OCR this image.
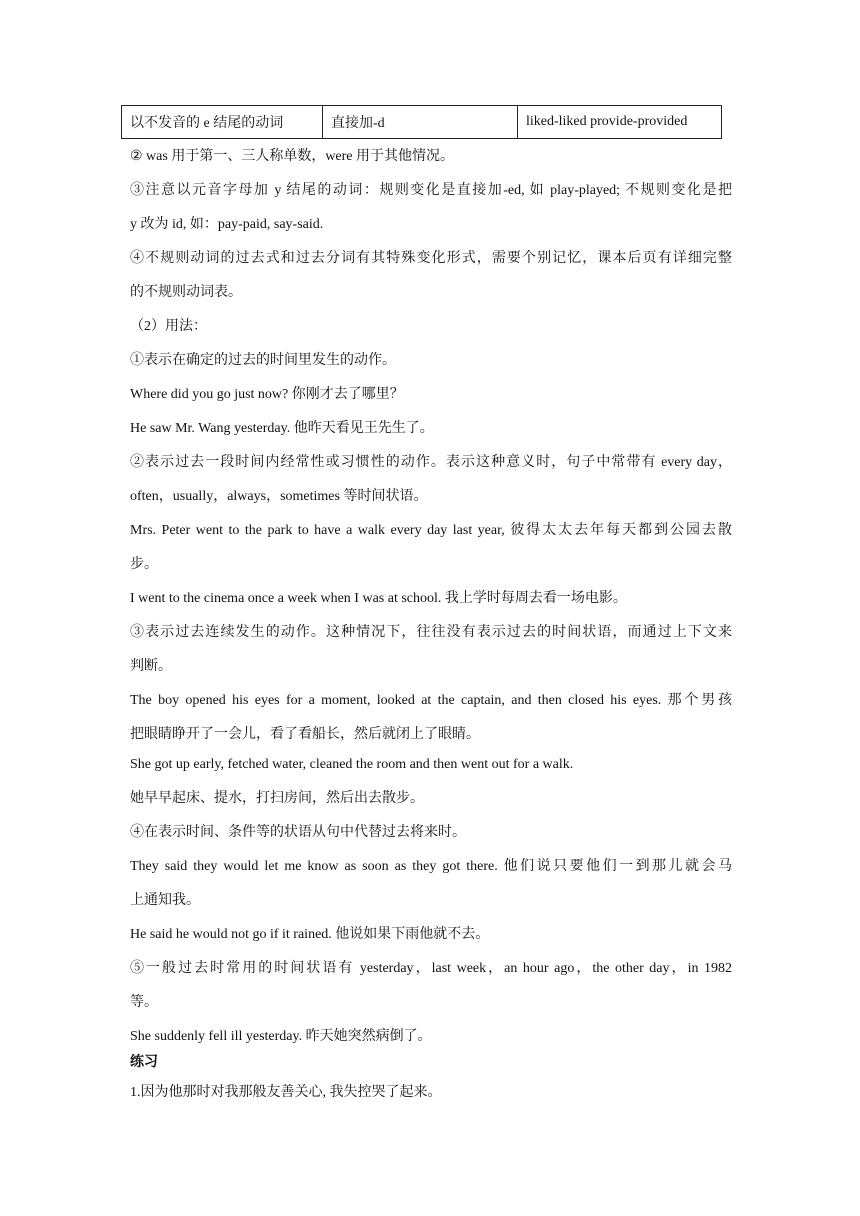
以不发音的 e 结尾的动词	直接加-d	liked-liked provide-provided
② was 用于第一、三人称单数，were 用于其他情况。
③注意以元音字母加 y 结尾的动词：规则变化是直接加-ed, 如 play-played; 不规则变化是把
y 改为 id, 如：pay-paid, say-said.
④不规则动词的过去式和过去分词有其特殊变化形式，需要个别记忆，课本后页有详细完整
的不规则动词表。
（2）用法：
①表示在确定的过去的时间里发生的动作。
Where did you go just now? 你刚才去了哪里？
He saw Mr. Wang yesterday. 他昨天看见王先生了。
②表示过去一段时间内经常性或习惯性的动作。表示这种意义时，句子中常带有 every day，
often，usually，always，sometimes 等时间状语。
Mrs. Peter went to the park to have a walk every day last year, 彼得太太去年每天都到公园去散
步。
I went to the cinema once a week when I was at school. 我上学时每周去看一场电影。
③表示过去连续发生的动作。这种情况下，往往没有表示过去的时间状语，而通过上下文来
判断。
The boy opened his eyes for a moment, looked at the captain, and then closed his eyes. 那个男孩
把眼睛睁开了一会儿，看了看船长，然后就闭上了眼睛。
She got up early, fetched water, cleaned the room and then went out for a walk.
她早早起床、提水，打扫房间，然后出去散步。
④在表示时间、条件等的状语从句中代替过去将来时。
They said they would let me know as soon as they got there. 他们说只要他们一到那儿就会马
上通知我。
He said he would not go if it rained. 他说如果下雨他就不去。
⑤一般过去时常用的时间状语有 yesterday，last week，an hour ago，the other day，in 1982
等。
She suddenly fell ill yesterday. 昨天她突然病倒了。
练习
1.因为他那时对我那般友善关心, 我失控哭了起来。
